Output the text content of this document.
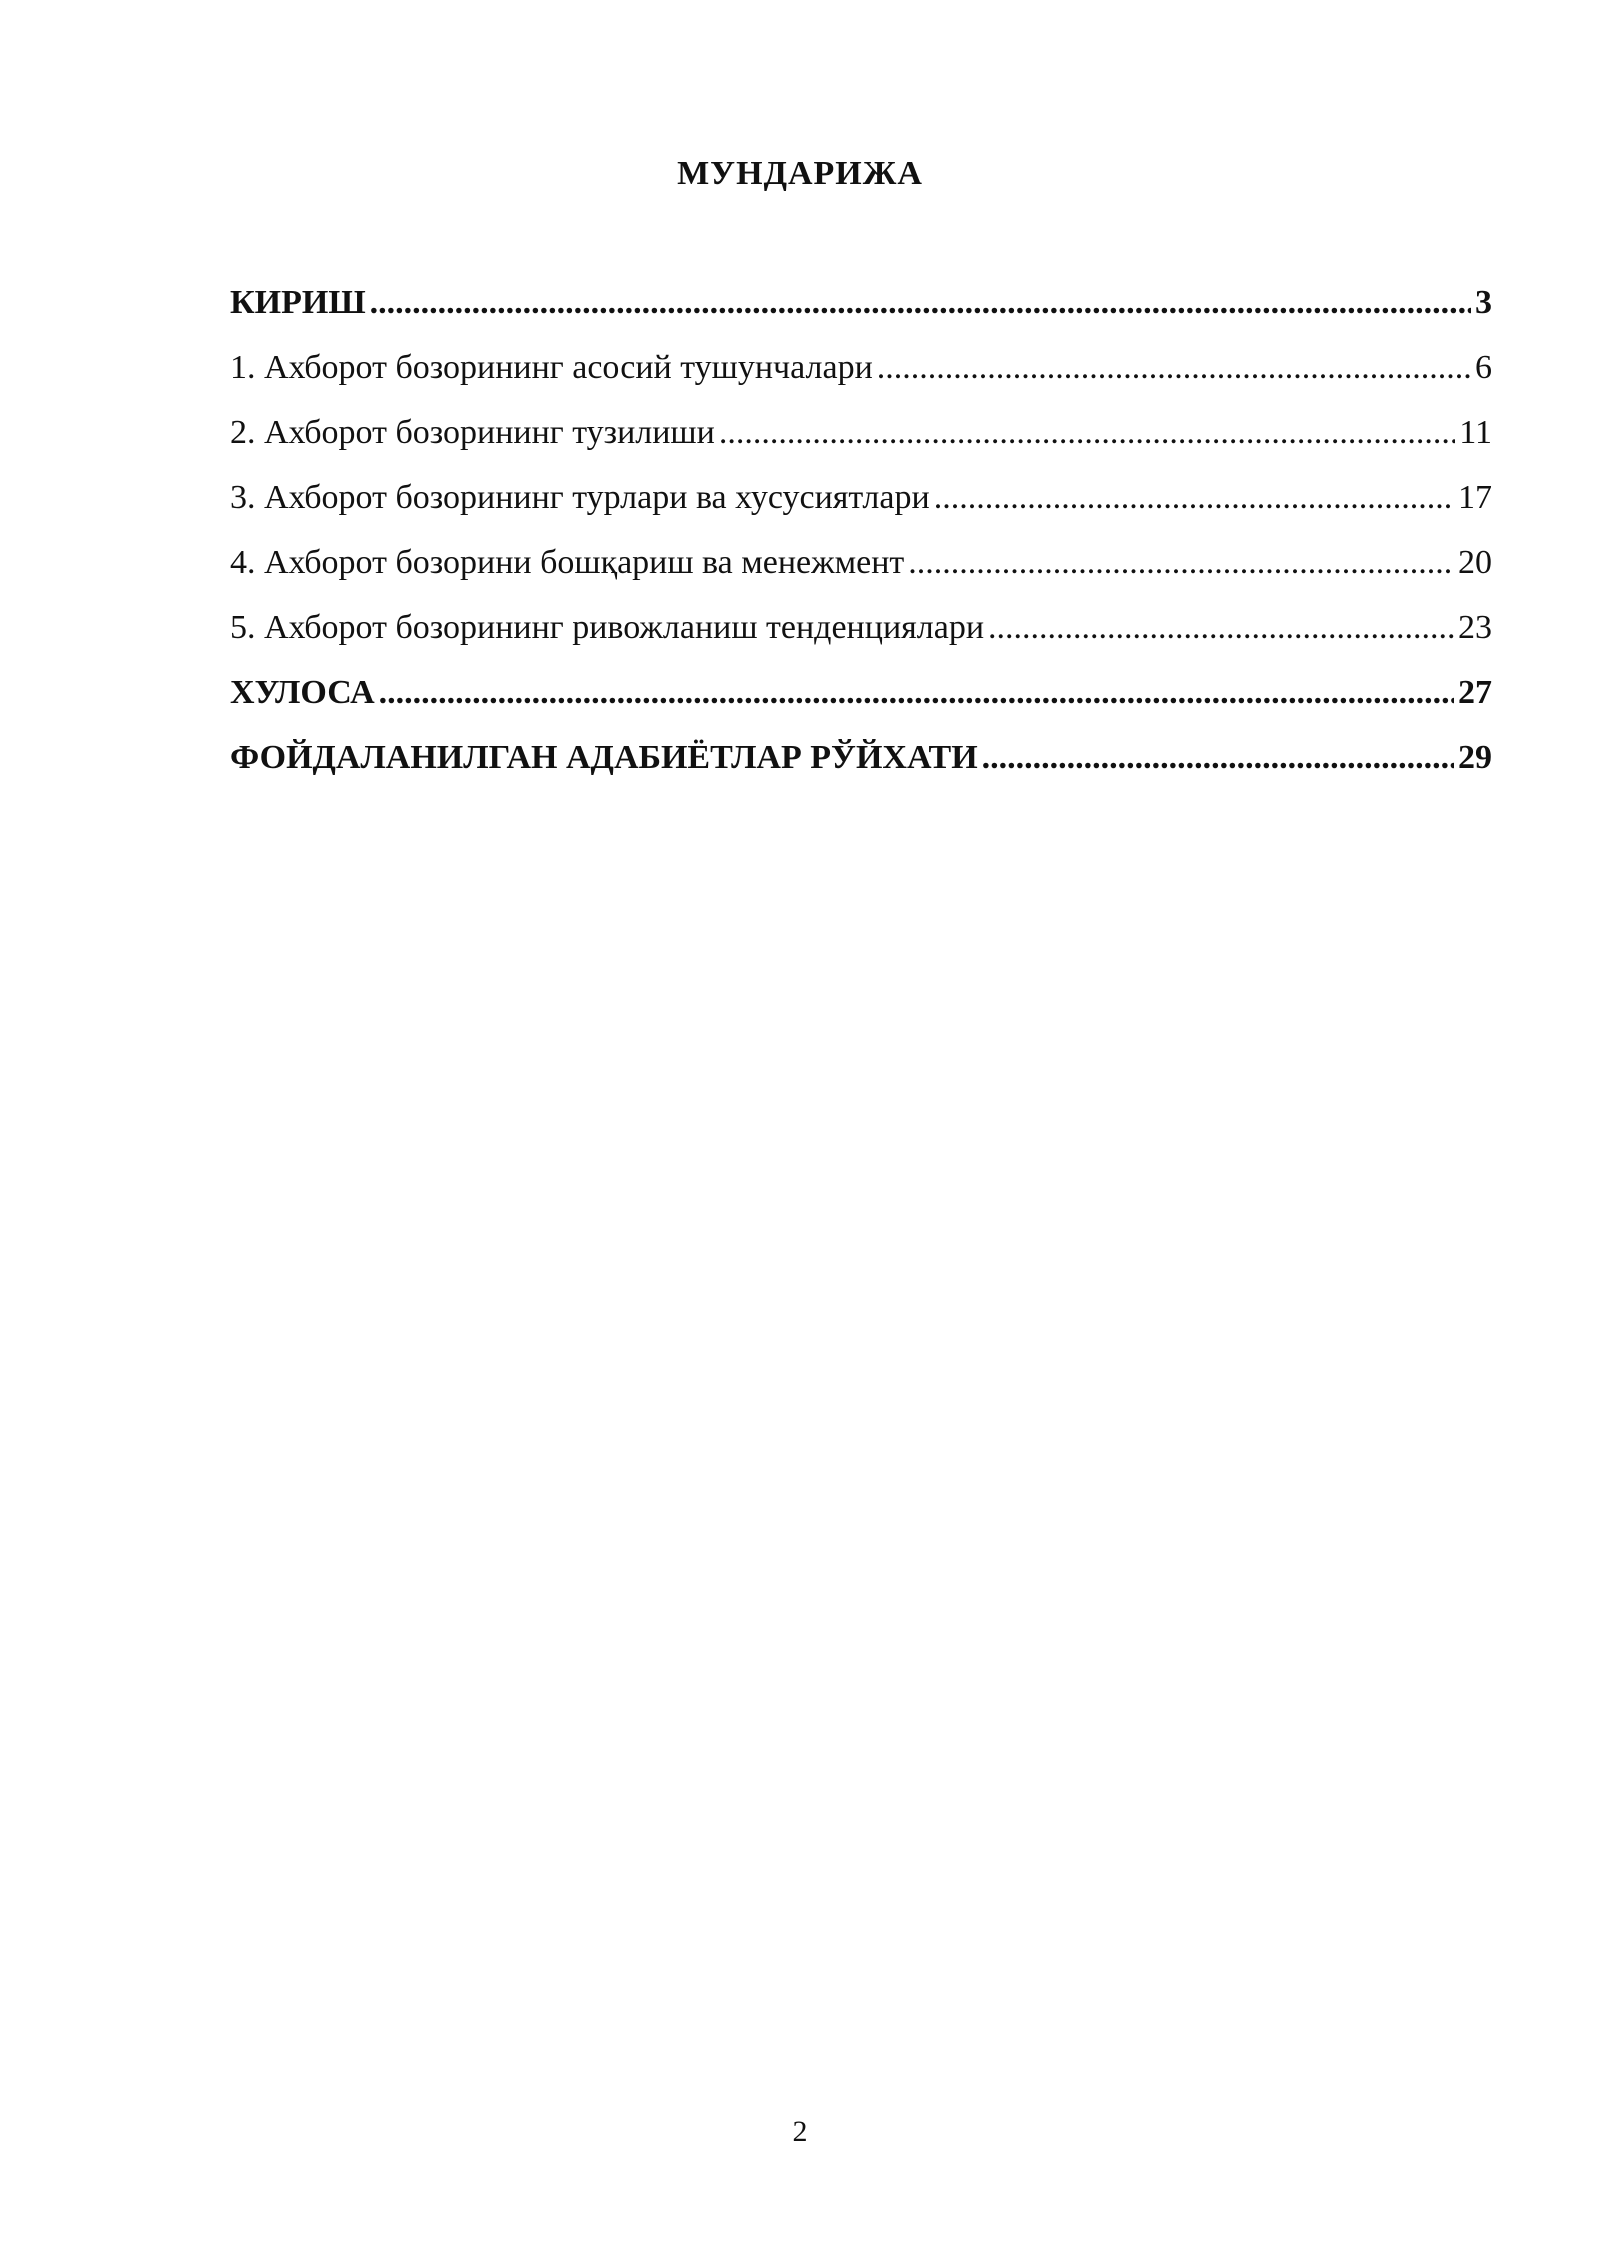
МУНДАРИЖА
КИРИШ .....	3
1. Ахборот бозорининг асосий тушунчалари .....	6
2. Ахборот бозорининг тузилиши .....	11
3. Ахборот бозорининг турлари ва хусусиятлари .....	17
4. Ахборот бозорини бошқариш ва менежмент .....	20
5. Ахборот бозорининг ривожланиш тенденциялари .....	23
ХУЛОСА .....	27
ФОЙДАЛАНИЛГАН АДАБИЁТЛАР РЎЙХАТИ .....	29
2
